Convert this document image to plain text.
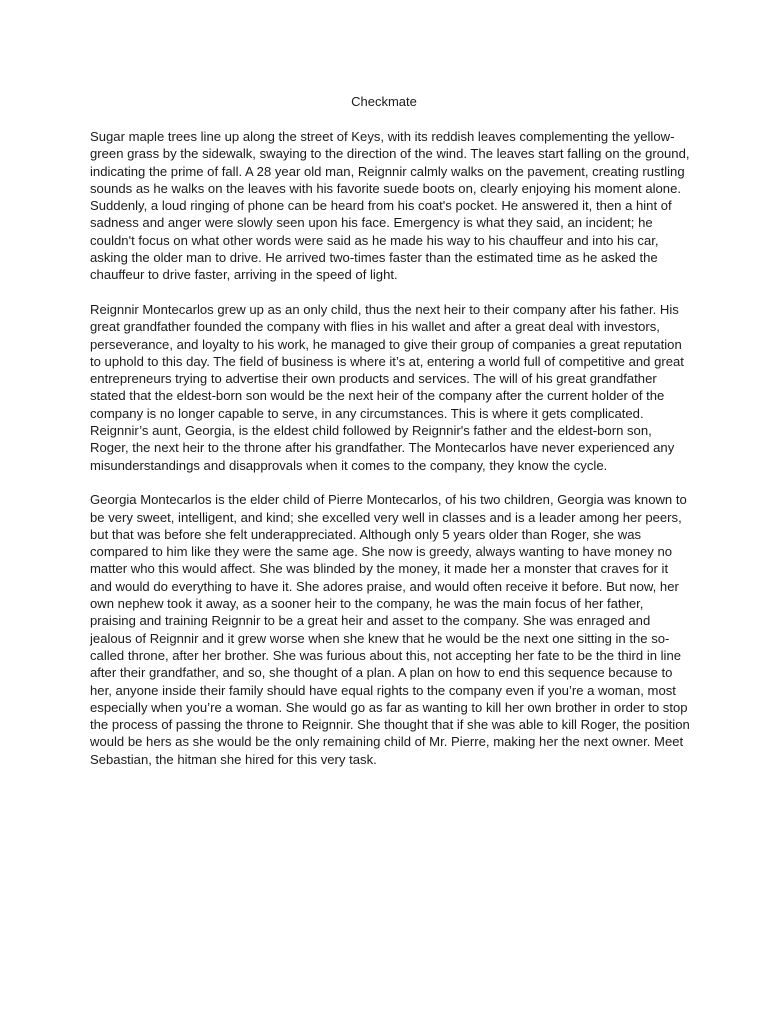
Checkmate

Sugar maple trees line up along the street of Keys, with its reddish leaves complementing the yellow-green grass by the sidewalk, swaying to the direction of the wind. The leaves start falling on the ground, indicating the prime of fall. A 28 year old man, Reignnir calmly walks on the pavement, creating rustling sounds as he walks on the leaves with his favorite suede boots on, clearly enjoying his moment alone. Suddenly, a loud ringing of phone can be heard from his coat's pocket. He answered it, then a hint of sadness and anger were slowly seen upon his face. Emergency is what they said, an incident; he couldn't focus on what other words were said as he made his way to his chauffeur and into his car, asking the older man to drive. He arrived two-times faster than the estimated time as he asked the chauffeur to drive faster, arriving in the speed of light.

Reignnir Montecarlos grew up as an only child, thus the next heir to their company after his father. His great grandfather founded the company with flies in his wallet and after a great deal with investors, perseverance, and loyalty to his work, he managed to give their group of companies a great reputation to uphold to this day. The field of business is where it’s at, entering a world full of competitive and great entrepreneurs trying to advertise their own products and services. The will of his great grandfather stated that the eldest-born son would be the next heir of the company after the current holder of the company is no longer capable to serve, in any circumstances. This is where it gets complicated. Reignnir’s aunt, Georgia, is the eldest child followed by Reignnir's father and the eldest-born son, Roger, the next heir to the throne after his grandfather. The Montecarlos have never experienced any misunderstandings and disapprovals when it comes to the company, they know the cycle.

Georgia Montecarlos is the elder child of Pierre Montecarlos, of his two children, Georgia was known to be very sweet, intelligent, and kind; she excelled very well in classes and is a leader among her peers, but that was before she felt underappreciated. Although only 5 years older than Roger, she was compared to him like they were the same age. She now is greedy, always wanting to have money no matter who this would affect. She was blinded by the money, it made her a monster that craves for it and would do everything to have it. She adores praise, and would often receive it before. But now, her own nephew took it away, as a sooner heir to the company, he was the main focus of her father, praising and training Reignnir to be a great heir and asset to the company. She was enraged and jealous of Reignnir and it grew worse when she knew that he would be the next one sitting in the so-called throne, after her brother. She was furious about this, not accepting her fate to be the third in line after their grandfather, and so, she thought of a plan. A plan on how to end this sequence because to her, anyone inside their family should have equal rights to the company even if you’re a woman, most especially when you’re a woman. She would go as far as wanting to kill her own brother in order to stop the process of passing the throne to Reignnir. She thought that if she was able to kill Roger, the position would be hers as she would be the only remaining child of Mr. Pierre, making her the next owner. Meet Sebastian, the hitman she hired for this very task.
